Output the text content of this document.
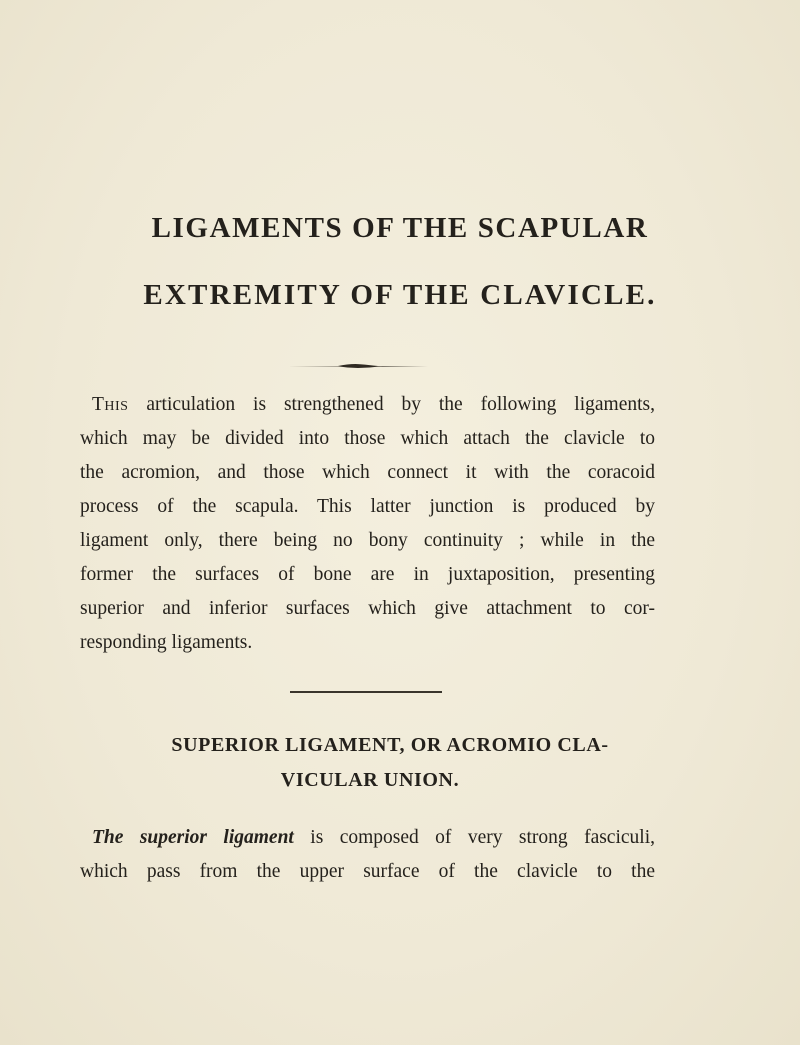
LIGAMENTS OF THE SCAPULAR
EXTREMITY OF THE CLAVICLE.

This articulation is strengthened by the following ligaments,
which may be divided into those which attach the clavicle to
the acromion, and those which connect it with the coracoid
process of the scapula. This latter junction is produced by
ligament only, there being no bony continuity ; while in the
former the surfaces of bone are in juxtaposition, presenting
superior and inferior surfaces which give attachment to cor-
responding ligaments.

SUPERIOR LIGAMENT, OR ACROMIO CLA-
VICULAR UNION.

The superior ligament is composed of very strong fasciculi,
which pass from the upper surface of the clavicle to the
